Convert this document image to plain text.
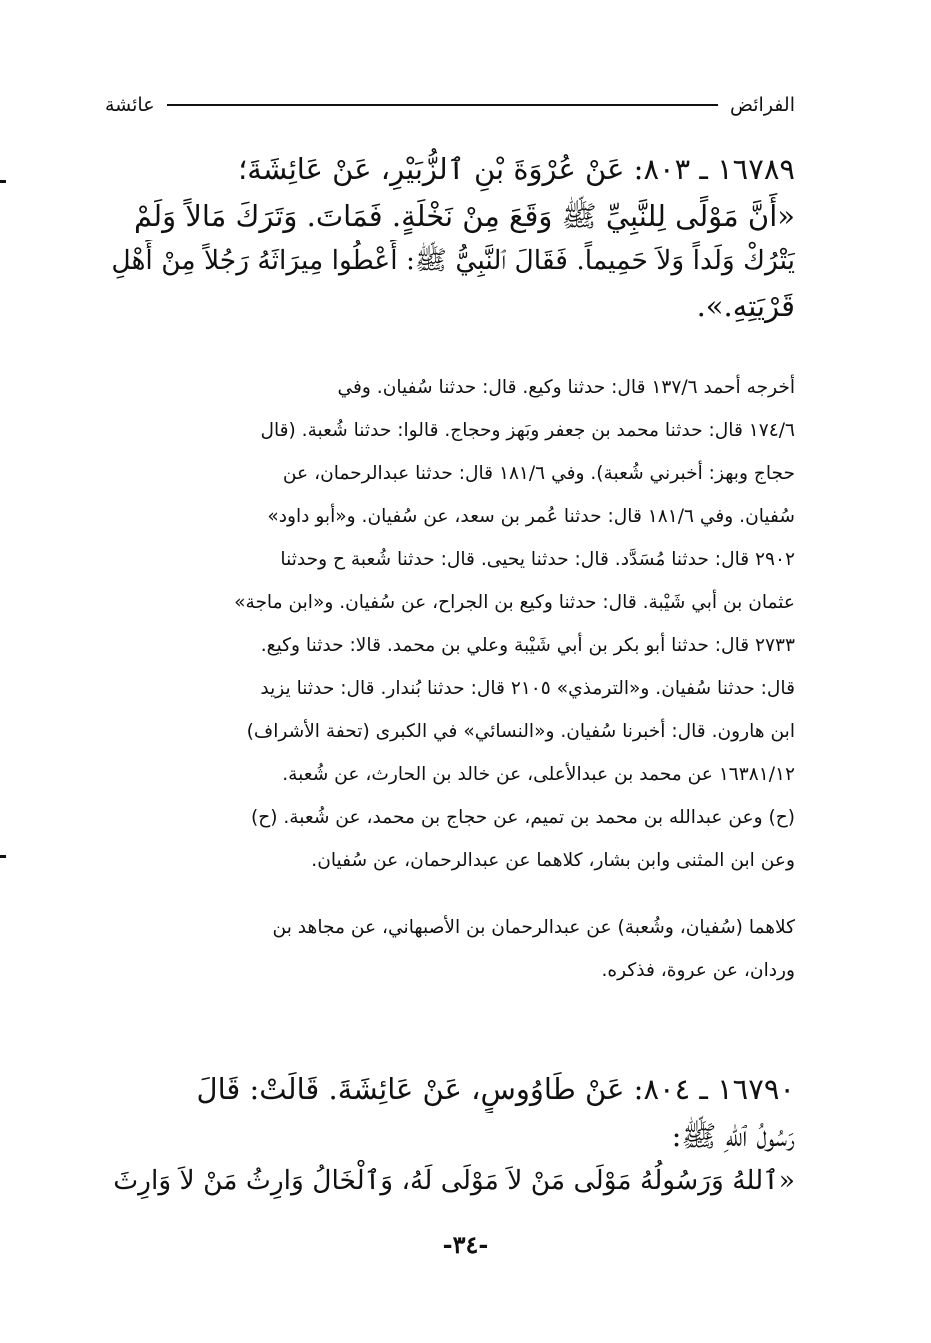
الفرائض
عائشة
١٦٧٨٩ ـ ٨٠٣: عَنْ عُرْوَةَ بْنِ ٱلزُّبَيْرِ، عَنْ عَائِشَةَ؛
«أَنَّ مَوْلًى لِلنَّبِيِّ ﷺ وَقَعَ مِنْ نَخْلَةٍ. فَمَاتَ. وَتَرَكَ مَالاً وَلَمْ
يَتْرُكْ وَلَداً وَلاَ حَمِيماً. فَقَالَ ٱلنَّبِيُّ ﷺ: أَعْطُوا مِيرَاثَهُ رَجُلاً مِنْ أَهْلِ
قَرْيَتِهِ.».
أخرجه أحمد ١٣٧/٦ قال: حدثنا وكيع. قال: حدثنا سُفيان. وفي
١٧٤/٦ قال: حدثنا محمد بن جعفر وبَهز وحجاج. قالوا: حدثنا شُعبة. (قال
حجاج وبهز: أخبرني شُعبة). وفي ١٨١/٦ قال: حدثنا عبدالرحمان، عن
سُفيان. وفي ١٨١/٦ قال: حدثنا عُمر بن سعد، عن سُفيان. و«أبو داود»
٢٩٠٢ قال: حدثنا مُسَدَّد. قال: حدثنا يحيى. قال: حدثنا شُعبة ح وحدثنا
عثمان بن أبي شَيْبة. قال: حدثنا وكيع بن الجراح، عن سُفيان. و«ابن ماجة»
٢٧٣٣ قال: حدثنا أبو بكر بن أبي شَيْبة وعلي بن محمد. قالا: حدثنا وكيع.
قال: حدثنا سُفيان. و«الترمذي» ٢١٠٥ قال: حدثنا بُندار. قال: حدثنا يزيد
ابن هارون. قال: أخبرنا سُفيان. و«النسائي» في الكبرى (تحفة الأشراف)
١٦٣٨١/١٢ عن محمد بن عبدالأعلى، عن خالد بن الحارث، عن شُعبة.
(ح) وعن عبدالله بن محمد بن تميم، عن حجاج بن محمد، عن شُعبة. (ح)
وعن ابن المثنى وابن بشار، كلاهما عن عبدالرحمان، عن سُفيان.
كلاهما (سُفيان، وشُعبة) عن عبدالرحمان بن الأصبهاني، عن مجاهد بن
وردان، عن عروة، فذكره.
١٦٧٩٠ ـ ٨٠٤: عَنْ طَاوُوسٍ، عَنْ عَائِشَةَ. قَالَتْ: قَالَ
رَسُولُ ٱللهِ ﷺ:
«ٱللهُ وَرَسُولُهُ مَوْلَى مَنْ لاَ مَوْلَى لَهُ، وَٱلْخَالُ وَارِثُ مَنْ لاَ وَارِثَ
-٣٤-
